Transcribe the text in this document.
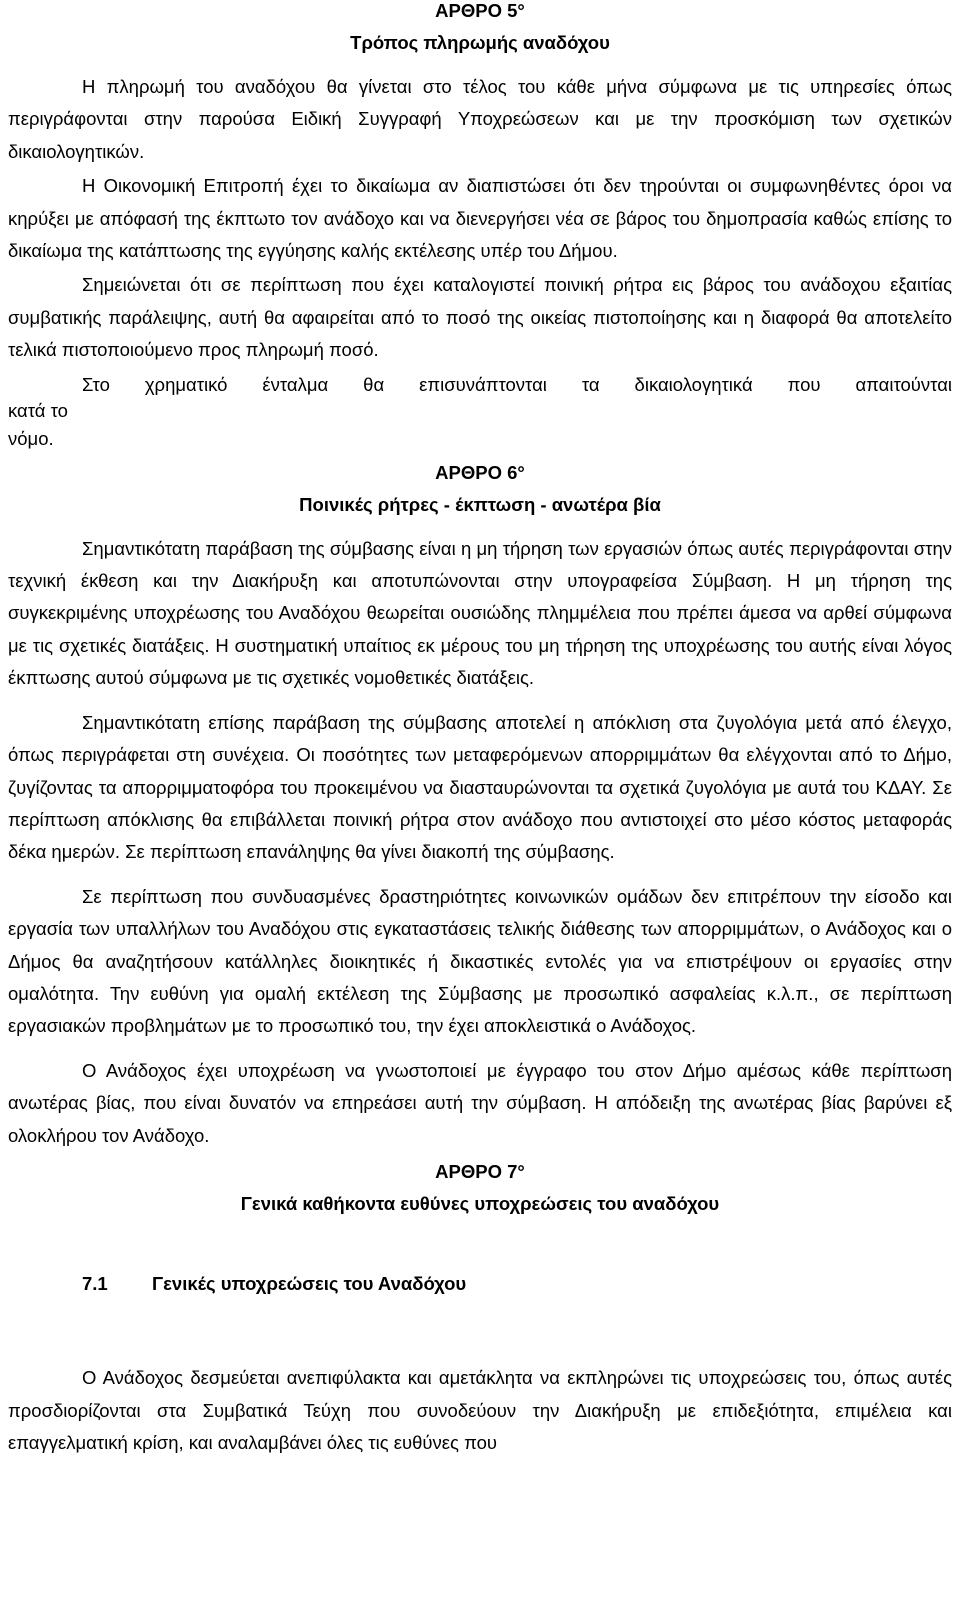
ΑΡΘΡΟ 5°
Τρόπος πληρωμής αναδόχου

Η πληρωμή του αναδόχου θα γίνεται στο τέλος του κάθε μήνα σύμφωνα με τις υπηρεσίες όπως περιγράφονται στην παρούσα Ειδική Συγγραφή Υποχρεώσεων και με την προσκόμιση των σχετικών δικαιολογητικών.

Η Οικονομική Επιτροπή έχει το δικαίωμα αν διαπιστώσει ότι δεν τηρούνται οι συμφωνηθέντες όροι να κηρύξει με απόφασή της έκπτωτο τον ανάδοχο και να διενεργήσει νέα σε βάρος του δημοπρασία καθώς επίσης το δικαίωμα της κατάπτωσης της εγγύησης καλής εκτέλεσης υπέρ του Δήμου.

Σημειώνεται ότι σε περίπτωση που έχει καταλογιστεί ποινική ρήτρα εις βάρος του ανάδοχου εξαιτίας συμβατικής παράλειψης, αυτή θα αφαιρείται από το ποσό της οικείας πιστοποίησης και η διαφορά θα αποτελείτο τελικά πιστοποιούμενο προς πληρωμή ποσό.

Στο χρηματικό ένταλμα θα επισυνάπτονται τα δικαιολογητικά που απαιτούνται
κατά το
νόμο.
ΑΡΘΡΟ 6°
Ποινικές ρήτρες - έκπτωση - ανωτέρα βία

Σημαντικότατη παράβαση της σύμβασης είναι η μη τήρηση των εργασιών όπως αυτές περιγράφονται στην τεχνική έκθεση και την Διακήρυξη και αποτυπώνονται στην υπογραφείσα Σύμβαση. Η μη τήρηση της συγκεκριμένης υποχρέωσης του Αναδόχου θεωρείται ουσιώδης πλημμέλεια που πρέπει άμεσα να αρθεί σύμφωνα με τις σχετικές διατάξεις. Η συστηματική υπαίτιος εκ μέρους του μη τήρηση της υποχρέωσης του αυτής είναι λόγος έκπτωσης αυτού σύμφωνα με τις σχετικές νομοθετικές διατάξεις.

Σημαντικότατη επίσης παράβαση της σύμβασης αποτελεί η απόκλιση στα ζυγολόγια μετά από έλεγχο, όπως περιγράφεται στη συνέχεια. Οι ποσότητες των μεταφερόμενων απορριμμάτων θα ελέγχονται από το Δήμο, ζυγίζοντας τα απορριμματοφόρα του προκειμένου να διασταυρώνονται τα σχετικά ζυγολόγια με αυτά του ΚΔΑΥ. Σε περίπτωση απόκλισης θα επιβάλλεται ποινική ρήτρα στον ανάδοχο που αντιστοιχεί στο μέσο κόστος μεταφοράς δέκα ημερών. Σε περίπτωση επανάληψης θα γίνει διακοπή της σύμβασης.

Σε περίπτωση που συνδυασμένες δραστηριότητες κοινωνικών ομάδων δεν επιτρέπουν την είσοδο και εργασία των υπαλλήλων του Αναδόχου στις εγκαταστάσεις τελικής διάθεσης των απορριμμάτων, ο Ανάδοχος και ο Δήμος θα αναζητήσουν κατάλληλες διοικητικές ή δικαστικές εντολές για να επιστρέψουν οι εργασίες στην ομαλότητα. Την ευθύνη για ομαλή εκτέλεση της Σύμβασης με προσωπικό ασφαλείας κ.λ.π., σε περίπτωση εργασιακών προβλημάτων με το προσωπικό του, την έχει αποκλειστικά ο Ανάδοχος.

Ο Ανάδοχος έχει υποχρέωση να γνωστοποιεί με έγγραφο του στον Δήμο αμέσως κάθε περίπτωση ανωτέρας βίας, που είναι δυνατόν να επηρεάσει αυτή την σύμβαση. Η απόδειξη της ανωτέρας βίας βαρύνει εξ ολοκλήρου τον Ανάδοχο.

ΑΡΘΡΟ 7°
Γενικά καθήκοντα ευθύνες υποχρεώσεις του αναδόχου
7.1 Γενικές υποχρεώσεις του Αναδόχου

Ο Ανάδοχος δεσμεύεται ανεπιφύλακτα και αμετάκλητα να εκπληρώνει τις υποχρεώσεις του, όπως αυτές προσδιορίζονται στα Συμβατικά Τεύχη που συνοδεύουν την Διακήρυξη με επιδεξιότητα, επιμέλεια και επαγγελματική κρίση, και αναλαμβάνει όλες τις ευθύνες που
